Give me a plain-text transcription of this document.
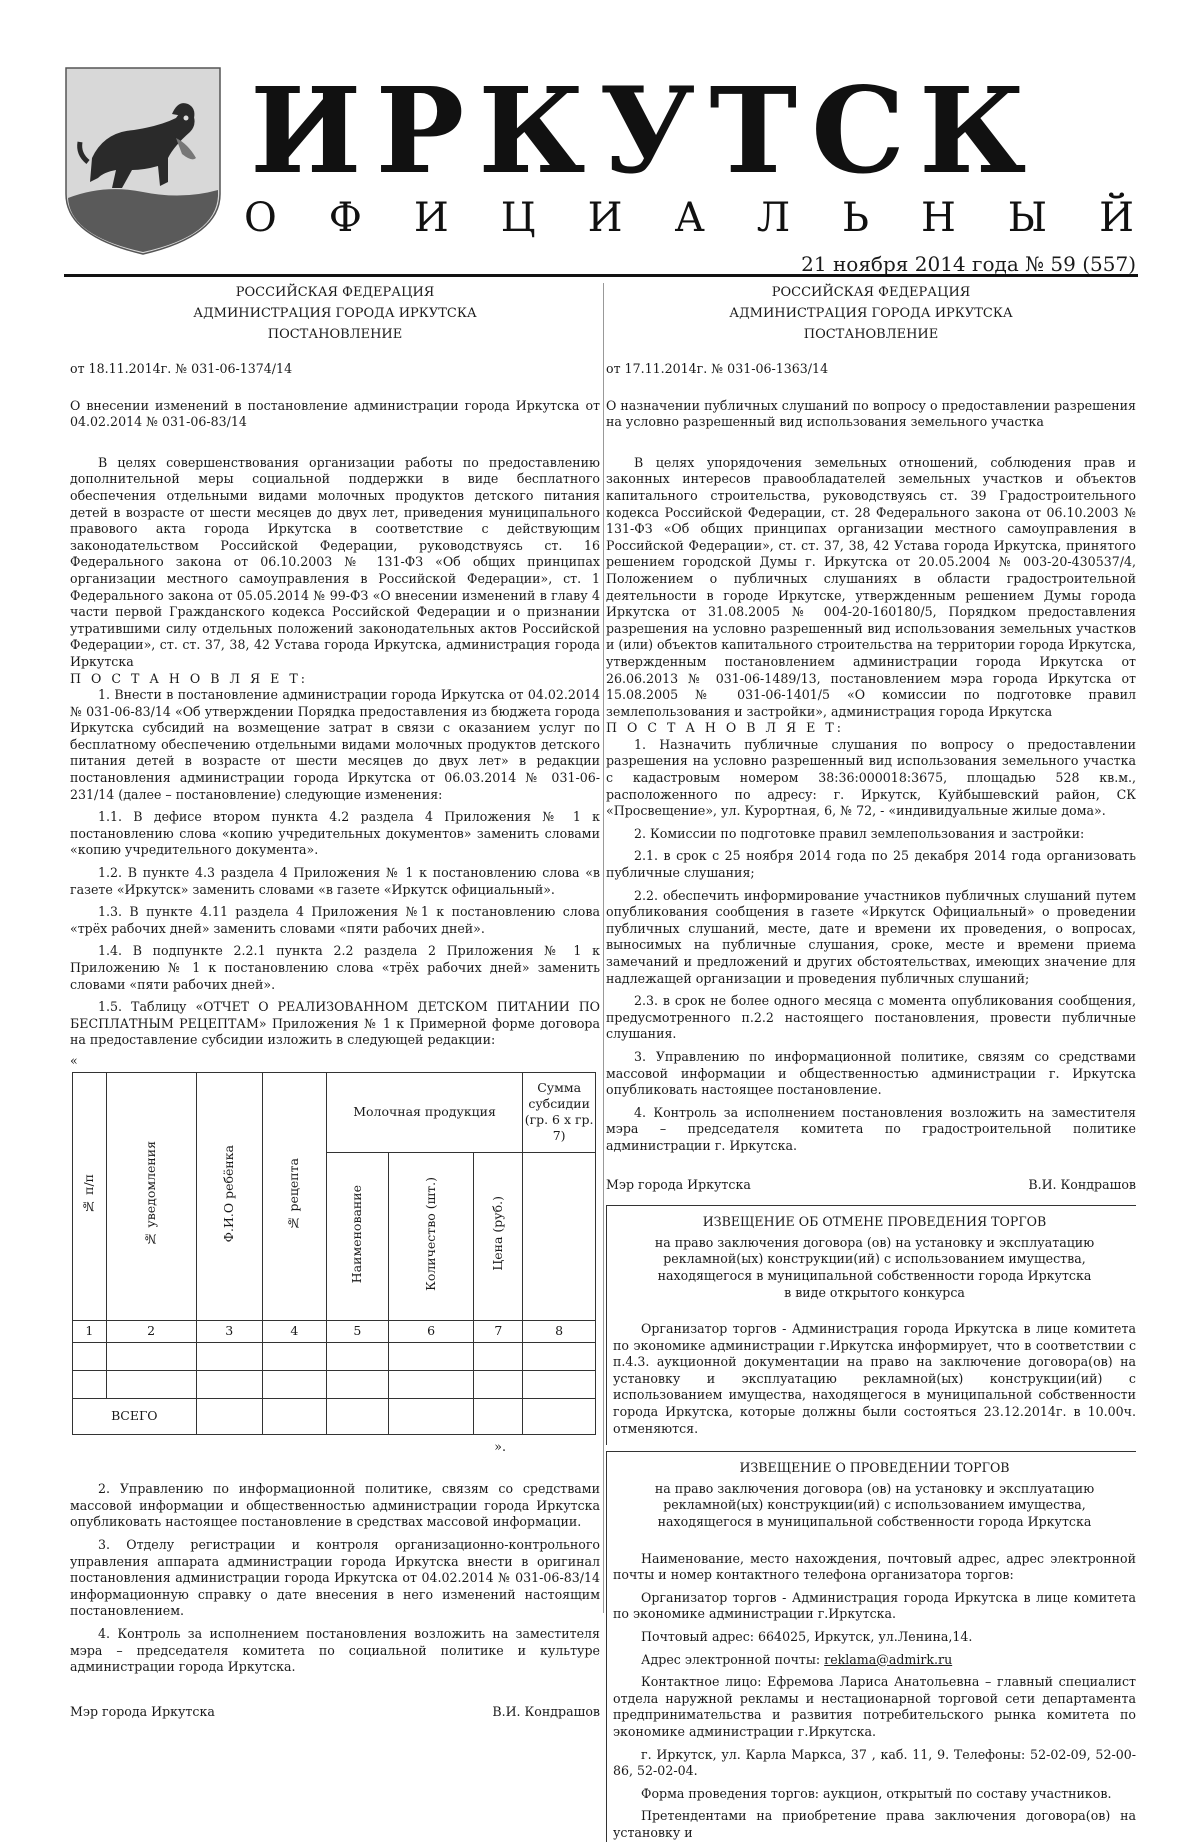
ИРКУТСК
О Ф И Ц И А Л Ь Н Ы Й
21 ноября 2014 года № 59 (557)
РОССИЙСКАЯ ФЕДЕРАЦИЯ
АДМИНИСТРАЦИЯ ГОРОДА ИРКУТСКА
ПОСТАНОВЛЕНИЕ

от 18.11.2014г. № 031-06-1374/14

О внесении изменений в постановление администрации города Иркутска от 04.02.2014 № 031-06-83/14

В целях совершенствования организации работы по предоставлению дополнительной меры социальной поддержки в виде бесплатного обеспечения отдельными видами молочных продуктов детского питания детей в возрасте от шести месяцев до двух лет, приведения муниципального правового акта города Иркутска в соответствие с действующим законодательством Российской Федерации, руководствуясь ст. 16 Федерального закона от 06.10.2003 № 131-ФЗ «Об общих принципах организации местного самоуправления в Российской Федерации», ст. 1 Федерального закона от 05.05.2014 № 99-ФЗ «О внесении изменений в главу 4 части первой Гражданского кодекса Российской Федерации и о признании утратившими силу отдельных положений законодательных актов Российской Федерации», ст. ст. 37, 38, 42 Устава города Иркутска, администрация города Иркутска

П О С Т А Н О В Л Я Е Т:

1. Внести в постановление администрации города Иркутска от 04.02.2014 № 031-06-83/14 «Об утверждении Порядка предоставления из бюджета города Иркутска субсидий на возмещение затрат в связи с оказанием услуг по бесплатному обеспечению отдельными видами молочных продуктов детского питания детей в возрасте от шести месяцев до двух лет» в редакции постановления администрации города Иркутска от 06.03.2014 № 031-06-231/14 (далее – постановление) следующие изменения:

1.1. В дефисе втором пункта 4.2 раздела 4 Приложения № 1 к постановлению слова «копию учредительных документов» заменить словами «копию учредительного документа».

1.2. В пункте 4.3 раздела 4 Приложения № 1 к постановлению слова «в газете «Иркутск» заменить словами «в газете «Иркутск официальный».

1.3. В пункте 4.11 раздела 4 Приложения №1 к постановлению слова «трёх рабочих дней» заменить словами «пяти рабочих дней».

1.4. В подпункте 2.2.1 пункта 2.2 раздела 2 Приложения № 1 к Приложению № 1 к постановлению слова «трёх рабочих дней» заменить словами «пяти рабочих дней».

1.5. Таблицу «ОТЧЕТ О РЕАЛИЗОВАННОМ ДЕТСКОМ ПИТАНИИ ПО БЕСПЛАТНЫМ РЕЦЕПТАМ» Приложения № 1 к Примерной форме договора на предоставление субсидии изложить в следующей редакции:

«

№ п/п	№ уведомления	Ф.И.О ребёнка	№ рецепта	Молочная продукция			Сумма субсидии (гр. 6 х гр. 7)
				Наименование	Количество (шт.)	Цена (руб.)	
1	2	3	4	5	6	7	8

ВСЕГО							

».

2. Управлению по информационной политике, связям со средствами массовой информации и общественностью администрации города Иркутска опубликовать настоящее постановление в средствах массовой информации.

3. Отделу регистрации и контроля организационно-контрольного управления аппарата администрации города Иркутска внести в оригинал постановления администрации города Иркутска от 04.02.2014 № 031-06-83/14 информационную справку о дате внесения в него изменений настоящим постановлением.

4. Контроль за исполнением постановления возложить на заместителя мэра – председателя комитета по социальной политике и культуре администрации города Иркутска.

Мэр города Иркутска	В.И. Кондрашов
РОССИЙСКАЯ ФЕДЕРАЦИЯ
АДМИНИСТРАЦИЯ ГОРОДА ИРКУТСКА
ПОСТАНОВЛЕНИЕ

от 17.11.2014г. № 031-06-1363/14

О назначении публичных слушаний по вопросу о предоставлении разрешения на условно разрешенный вид использования земельного участка

В целях упорядочения земельных отношений, соблюдения прав и законных интересов правообладателей земельных участков и объектов капитального строительства, руководствуясь ст. 39 Градостроительного кодекса Российской Федерации, ст. 28 Федерального закона от 06.10.2003 № 131-ФЗ «Об общих принципах организации местного самоуправления в Российской Федерации», ст. ст. 37, 38, 42 Устава города Иркутска, принятого решением городской Думы г. Иркутска от 20.05.2004 № 003-20-430537/4, Положением о публичных слушаниях в области градостроительной деятельности в городе Иркутске, утвержденным решением Думы города Иркутска от 31.08.2005 № 004-20-160180/5, Порядком предоставления разрешения на условно разрешенный вид использования земельных участков и (или) объектов капитального строительства на территории города Иркутска, утвержденным постановлением администрации города Иркутска от 26.06.2013 № 031-06-1489/13, постановлением мэра города Иркутска от 15.08.2005 № 031-06-1401/5 «О комиссии по подготовке правил землепользования и застройки», администрация города Иркутска

П О С Т А Н О В Л Я Е Т:

1. Назначить публичные слушания по вопросу о предоставлении разрешения на условно разрешенный вид использования земельного участка с кадастровым номером 38:36:000018:3675, площадью 528 кв.м., расположенного по адресу: г. Иркутск, Куйбышевский район, СК «Просвещение», ул. Курортная, 6, № 72, - «индивидуальные жилые дома».

2. Комиссии по подготовке правил землепользования и застройки:

2.1. в срок с 25 ноября 2014 года по 25 декабря 2014 года организовать публичные слушания;

2.2. обеспечить информирование участников публичных слушаний путем опубликования сообщения в газете «Иркутск Официальный» о проведении публичных слушаний, месте, дате и времени их проведения, о вопросах, выносимых на публичные слушания, сроке, месте и времени приема замечаний и предложений и других обстоятельствах, имеющих значение для надлежащей организации и проведения публичных слушаний;

2.3. в срок не более одного месяца с момента опубликования сообщения, предусмотренного п.2.2 настоящего постановления, провести публичные слушания.

3. Управлению по информационной политике, связям со средствами массовой информации и общественностью администрации г. Иркутска опубликовать настоящее постановление.

4. Контроль за исполнением постановления возложить на заместителя мэра – председателя комитета по градостроительной политике администрации г. Иркутска.

Мэр города Иркутска	В.И. Кондрашов
ИЗВЕЩЕНИЕ ОБ ОТМЕНЕ ПРОВЕДЕНИЯ ТОРГОВ
на право заключения договора (ов) на установку и эксплуатацию рекламной(ых) конструкции(ий) с использованием имущества, находящегося в муниципальной собственности города Иркутска в виде открытого конкурса

Организатор торгов - Администрация города Иркутска в лице комитета по экономике администрации г.Иркутска информирует, что в соответствии с п.4.3. аукционной документации на право на заключение договора(ов) на установку и эксплуатацию рекламной(ых) конструкции(ий) с использованием имущества, находящегося в муниципальной собственности города Иркутска, которые должны были состояться 23.12.2014г. в 10.00ч. отменяются.

ИЗВЕЩЕНИЕ О ПРОВЕДЕНИИ ТОРГОВ
на право заключения договора (ов) на установку и эксплуатацию рекламной(ых) конструкции(ий) с использованием имущества, находящегося в муниципальной собственности города Иркутска

Наименование, место нахождения, почтовый адрес, адрес электронной почты и номер контактного телефона организатора торгов:

Организатор торгов - Администрация города Иркутска в лице комитета по экономике администрации г.Иркутска.

Почтовый адрес: 664025, Иркутск, ул.Ленина,14.

Адрес электронной почты: reklama@admirk.ru

Контактное лицо: Ефремова Лариса Анатольевна – главный специалист отдела наружной рекламы и нестационарной торговой сети департамента предпринимательства и развития потребительского рынка комитета по экономике администрации г.Иркутска.

г. Иркутск, ул. Карла Маркса, 37 , каб. 11, 9. Телефоны: 52-02-09, 52-00-86, 52-02-04.

Форма проведения торгов: аукцион, открытый по составу участников.

Претендентами на приобретение права заключения договора(ов) на установку и
